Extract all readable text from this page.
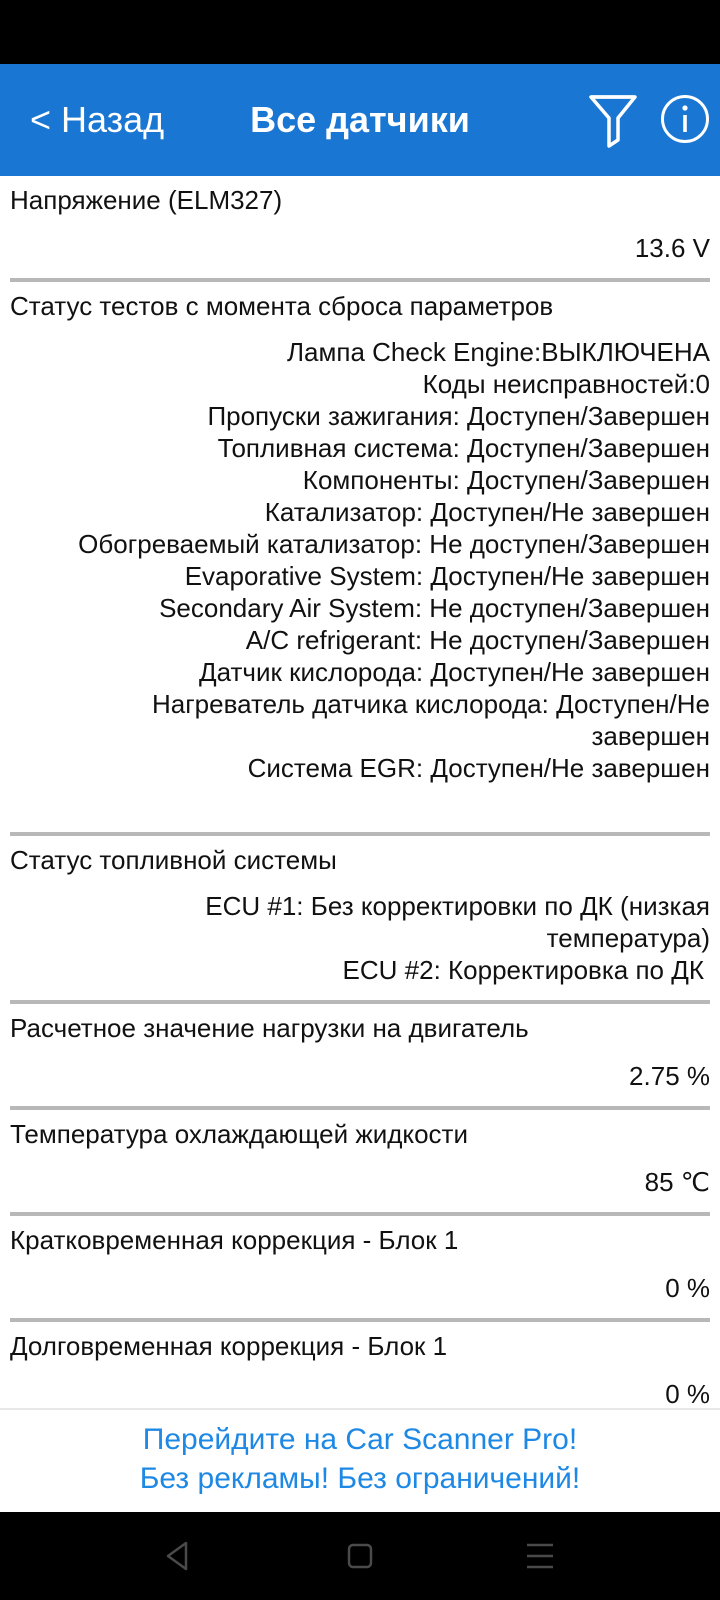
< Назад	Все датчики
Напряжение (ELM327)
13.6 V
Статус тестов с момента сброса параметров
Лампа Check Engine:ВЫКЛЮЧЕНА
Коды неисправностей:0
Пропуски зажигания: Доступен/Завершен
Топливная система: Доступен/Завершен
Компоненты: Доступен/Завершен
Катализатор: Доступен/Не завершен
Обогреваемый катализатор: Не доступен/Завершен
Evaporative System: Доступен/Не завершен
Secondary Air System: Не доступен/Завершен
A/C refrigerant: Не доступен/Завершен
Датчик кислорода: Доступен/Не завершен
Нагреватель датчика кислорода: Доступен/Не
завершен
Система EGR: Доступен/Не завершен
Статус топливной системы
ECU #1: Без корректировки по ДК (низкая
температура)
ECU #2: Корректировка по ДК
Расчетное значение нагрузки на двигатель
2.75 %
Температура охлаждающей жидкости
85 ℃
Кратковременная коррекция - Блок 1
0 %
Долговременная коррекция - Блок 1
0 %
Перейдите на Car Scanner Pro!
Без рекламы! Без ограничений!
